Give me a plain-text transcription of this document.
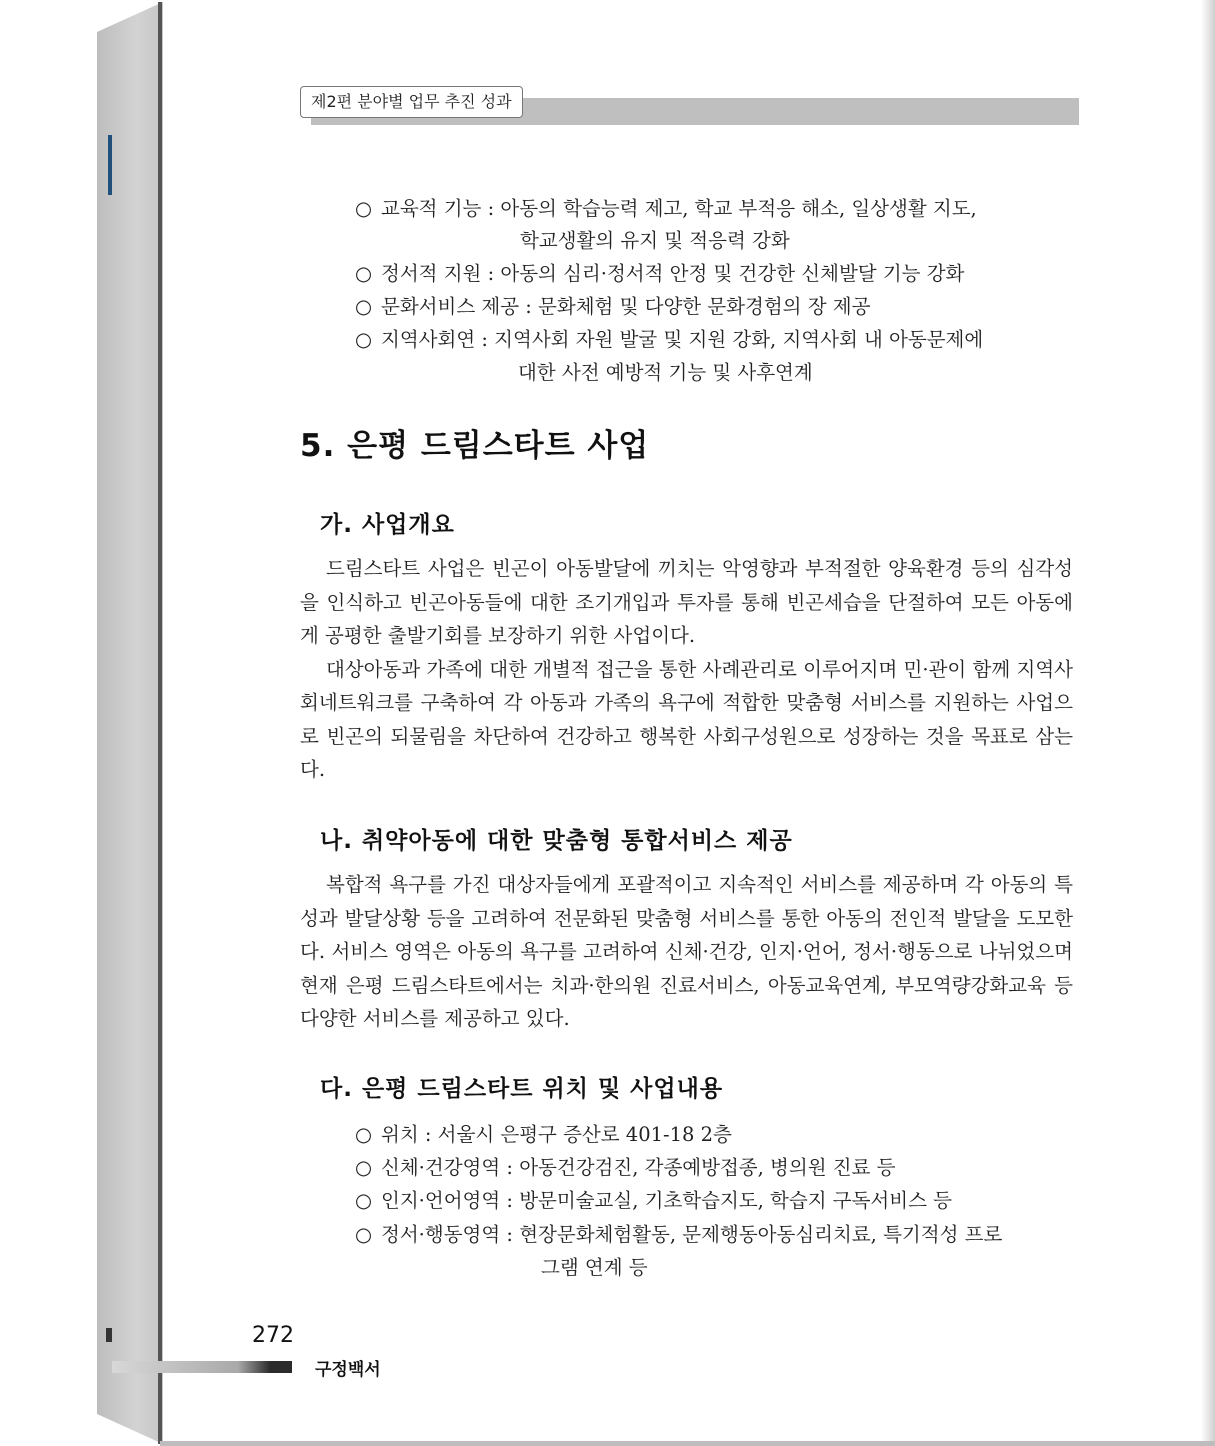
제2편 분야별 업무 추진 성과
○ 교육적 기능 : 아동의 학습능력 제고, 학교 부적응 해소, 일상생활 지도,
학교생활의 유지 및 적응력 강화
○ 정서적 지원 : 아동의 심리·정서적 안정 및 건강한 신체발달 기능 강화
○ 문화서비스 제공 : 문화체험 및 다양한 문화경험의 장 제공
○ 지역사회연 : 지역사회 자원 발굴 및 지원 강화, 지역사회 내 아동문제에
대한 사전 예방적 기능 및 사후연계
5. 은평 드림스타트 사업
가. 사업개요

드림스타트 사업은 빈곤이 아동발달에 끼치는 악영향과 부적절한 양육환경 등의 심각성을 인식하고 빈곤아동들에 대한 조기개입과 투자를 통해 빈곤세습을 단절하여 모든 아동에게 공평한 출발기회를 보장하기 위한 사업이다.

대상아동과 가족에 대한 개별적 접근을 통한 사례관리로 이루어지며 민·관이 함께 지역사회네트워크를 구축하여 각 아동과 가족의 욕구에 적합한 맞춤형 서비스를 지원하는 사업으로 빈곤의 되물림을 차단하여 건강하고 행복한 사회구성원으로 성장하는 것을 목표로 삼는다.

나. 취약아동에 대한 맞춤형 통합서비스 제공

복합적 욕구를 가진 대상자들에게 포괄적이고 지속적인 서비스를 제공하며 각 아동의 특성과 발달상황 등을 고려하여 전문화된 맞춤형 서비스를 통한 아동의 전인적 발달을 도모한다. 서비스 영역은 아동의 욕구를 고려하여 신체·건강, 인지·언어, 정서·행동으로 나뉘었으며 현재 은평 드림스타트에서는 치과·한의원 진료서비스, 아동교육연계, 부모역량강화교육 등 다양한 서비스를 제공하고 있다.

다. 은평 드림스타트 위치 및 사업내용
○ 위치 : 서울시 은평구 증산로 401-18 2층
○ 신체·건강영역 : 아동건강검진, 각종예방접종, 병의원 진료 등
○ 인지·언어영역 : 방문미술교실, 기초학습지도, 학습지 구독서비스 등
○ 정서·행동영역 : 현장문화체험활동, 문제행동아동심리치료, 특기적성 프로
그램 연계 등
272
구정백서
